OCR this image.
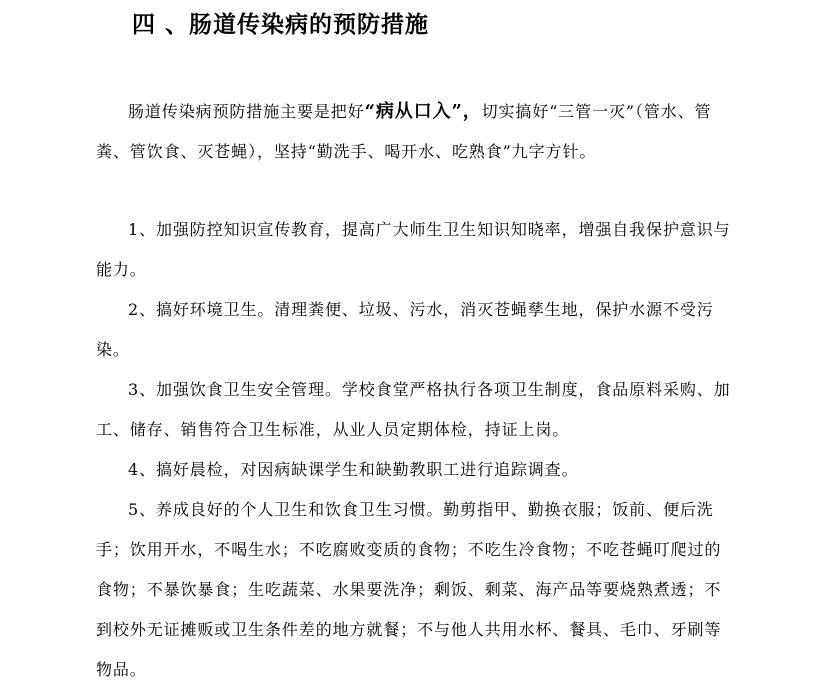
四 、肠道传染病的预防措施

肠道传染病预防措施主要是把好“病从口入”，切实搞好“三管一灭”（管水、管粪、管饮食、灭苍蝇），坚持“勤洗手、喝开水、吃熟食”九字方针。

1、加强防控知识宣传教育，提高广大师生卫生知识知晓率，增强自我保护意识与能力。

2、搞好环境卫生。清理粪便、垃圾、污水，消灭苍蝇孳生地，保护水源不受污染。

3、加强饮食卫生安全管理。学校食堂严格执行各项卫生制度，食品原料采购、加工、储存、销售符合卫生标准，从业人员定期体检，持证上岗。

4、搞好晨检，对因病缺课学生和缺勤教职工进行追踪调查。

5、养成良好的个人卫生和饮食卫生习惯。勤剪指甲、勤换衣服；饭前、便后洗手；饮用开水，不喝生水；不吃腐败变质的食物；不吃生冷食物；不吃苍蝇叮爬过的食物；不暴饮暴食；生吃蔬菜、水果要洗净；剩饭、剩菜、海产品等要烧熟煮透；不到校外无证摊贩或卫生条件差的地方就餐；不与他人共用水杯、餐具、毛巾、牙刷等物品。
